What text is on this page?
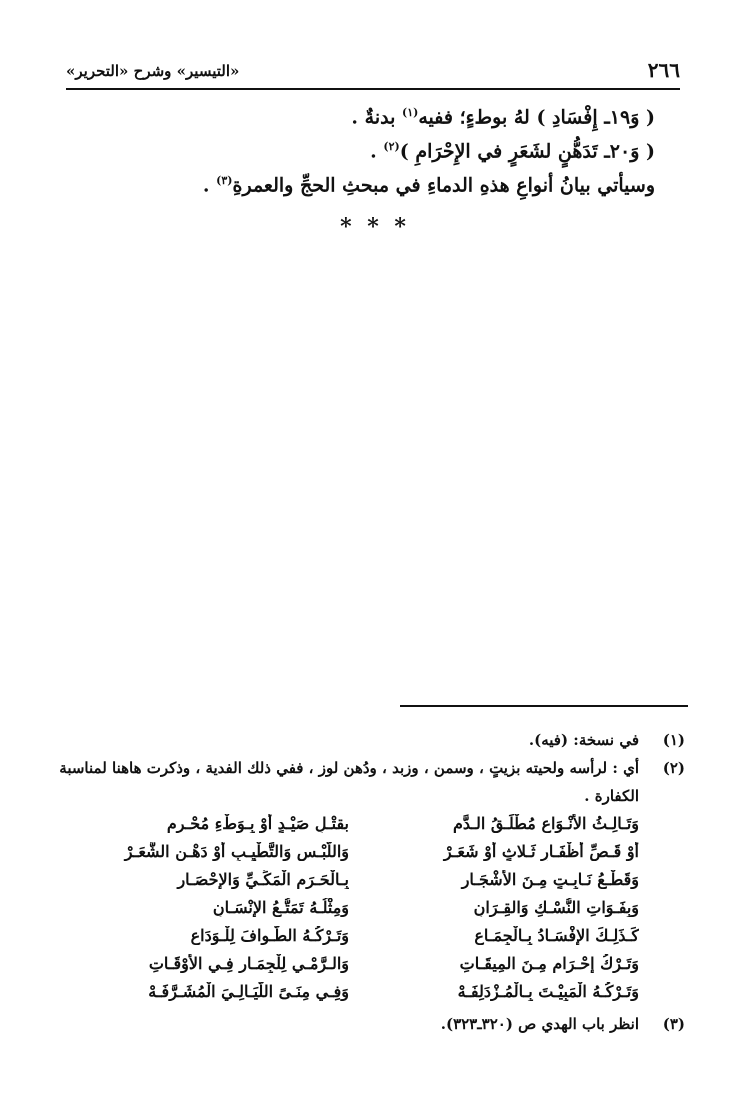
٢٦٦
«التيسير» وشرح «التحرير»
( وَ١٩ـ إِفْسَادِ ) لهُ بوطءٍ؛ ففيه$^{(١)}$ بدنةٌ .
( وَ٢٠ـ تَدَهُّنٍ لشَعَرٍ في الإِحْرَامِ )$^{(٢)}$ .
وسيأتي بيانُ أنواعِ هذهِ الدماءِ في مبحثِ الحجِّ والعمرةِ$^{(٣)}$ .
* * *
(١)
في نسخة: (فيه).
(٢)
أي : لرأسه ولحيته بزيتٍ ، وسمن ، وزبد ، ودُهن لوز ، ففي ذلك الفدية ، وذكرت هاهنا لمناسبة الكفارة .
وَتَـالِـثُ الأَنْـوَاعِ مُطْلَـقُ الـدَّمِ
بقتْـلِ صَيْـدٍ أَوْ بِـوَطْءِ مُحْـرِمِ
أَوْ قَـصِّ أَظْفَـارٍ ثَـلاثٍ أَوْ شَعَـرْ
وَاللُّبْـسِ وَالتَّطْيِـبِ أَوْ دَهْـنِ الشَّعَـرْ
وَقَطْـعُ نَـابِـتٍ مِـنَ الأَشْجَـارِ
بِـالْحَـرَمِ الْمَكِّـيِّ وَالإِحْصَـارِ
وَبِفَـوَاتِ النُّسْـكِ وَالقِـرَانِ
وَمِثْلُـهُ تَمَتُّـعُ الإِنْسَـانِ
كَـذَلِـكَ الإِفْسَـادُ بِـالْجِمَـاعِ
وَتَـرْكُـهُ الطَّـوافَ لِلْـوَدَاعِ
وَتَـرْكُ إِحْـرَامٍ مِـنَ المِيقَـاتِ
وَالـرَّمْـيِ لِلْجِمَـارِ فِـي الأَوْقَـاتِ
وَتَـرْكُـهُ الْمَبِيْـتَ بِـالْمُـزْدَلِفَـهْ
وَفِـي مِنَـىً اللَّيَـالِـيَ الْمُشَـرَّفَـهْ
(٣)
انظر باب الهدي ص (٣٢٠ـ٣٢٣).
